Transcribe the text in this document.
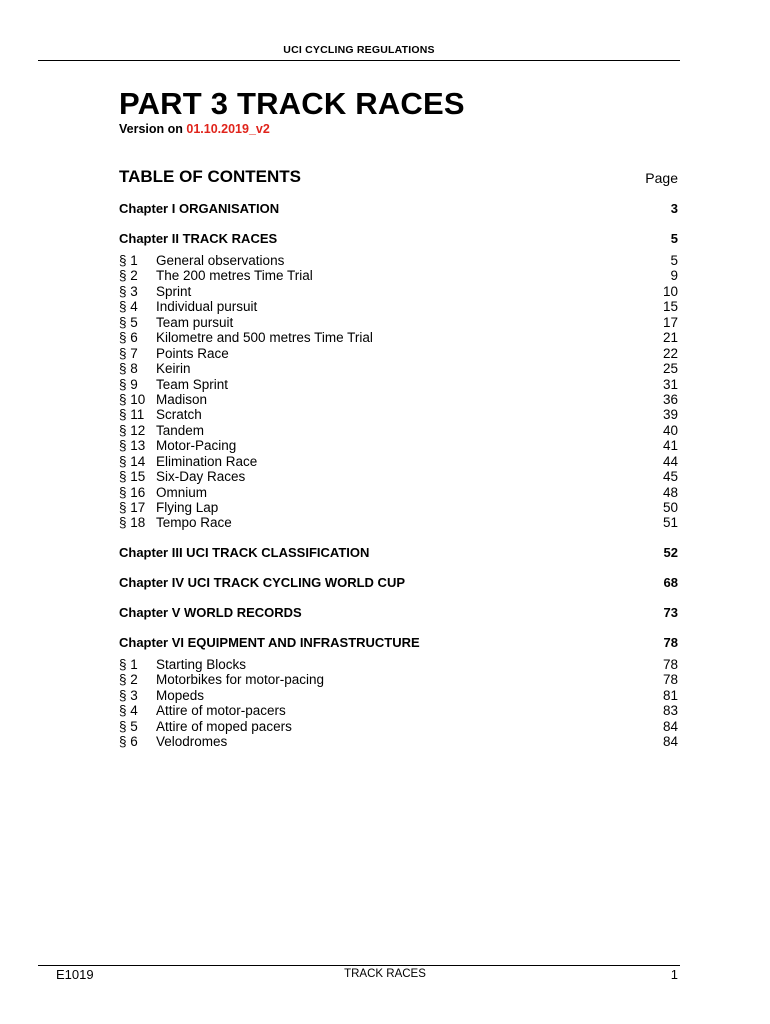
UCI CYCLING REGULATIONS
PART 3 TRACK RACES
Version on 01.10.2019_v2
TABLE OF CONTENTS	Page
Chapter I ORGANISATION	3
Chapter II TRACK RACES	5
§ 1	General observations	5
§ 2	The 200 metres Time Trial	9
§ 3	Sprint	10
§ 4	Individual pursuit	15
§ 5	Team pursuit	17
§ 6	Kilometre and 500 metres Time Trial	21
§ 7	Points Race	22
§ 8	Keirin	25
§ 9	Team Sprint	31
§ 10 Madison	36
§ 11 Scratch	39
§ 12 Tandem	40
§ 13 Motor-Pacing	41
§ 14 Elimination Race	44
§ 15 Six-Day Races	45
§ 16 Omnium	48
§ 17 Flying Lap	50
§ 18 Tempo Race	51
Chapter III UCI TRACK CLASSIFICATION	52
Chapter IV UCI TRACK CYCLING WORLD CUP	68
Chapter V WORLD RECORDS	73
Chapter VI EQUIPMENT AND INFRASTRUCTURE	78
§ 1	Starting Blocks	78
§ 2	Motorbikes for motor-pacing	78
§ 3	Mopeds	81
§ 4	Attire of motor-pacers	83
§ 5	Attire of moped pacers	84
§ 6	Velodromes	84
E1019	TRACK RACES	1
